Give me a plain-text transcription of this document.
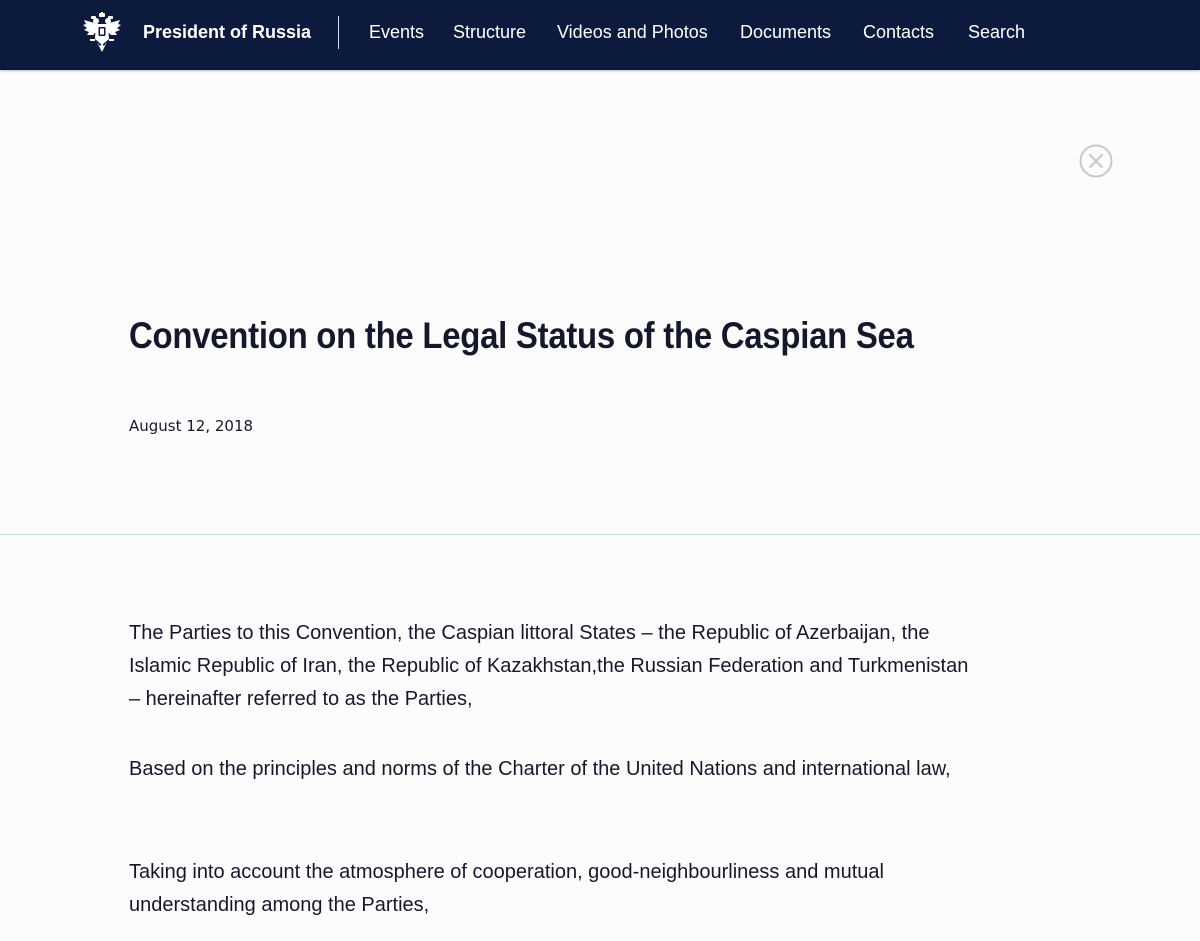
President of Russia	Events Structure Videos and Photos Documents Contacts Search
Convention on the Legal Status of the Caspian Sea
August 12, 2018

The Parties to this Convention, the Caspian littoral States – the Republic of Azerbaijan, the Islamic Republic of Iran, the Republic of Kazakhstan,the Russian Federation and Turkmenistan – hereinafter referred to as the Parties,

Based on the principles and norms of the Charter of the United Nations and international law,

Taking into account the atmosphere of cooperation, good-neighbourliness and mutual understanding among the Parties,
